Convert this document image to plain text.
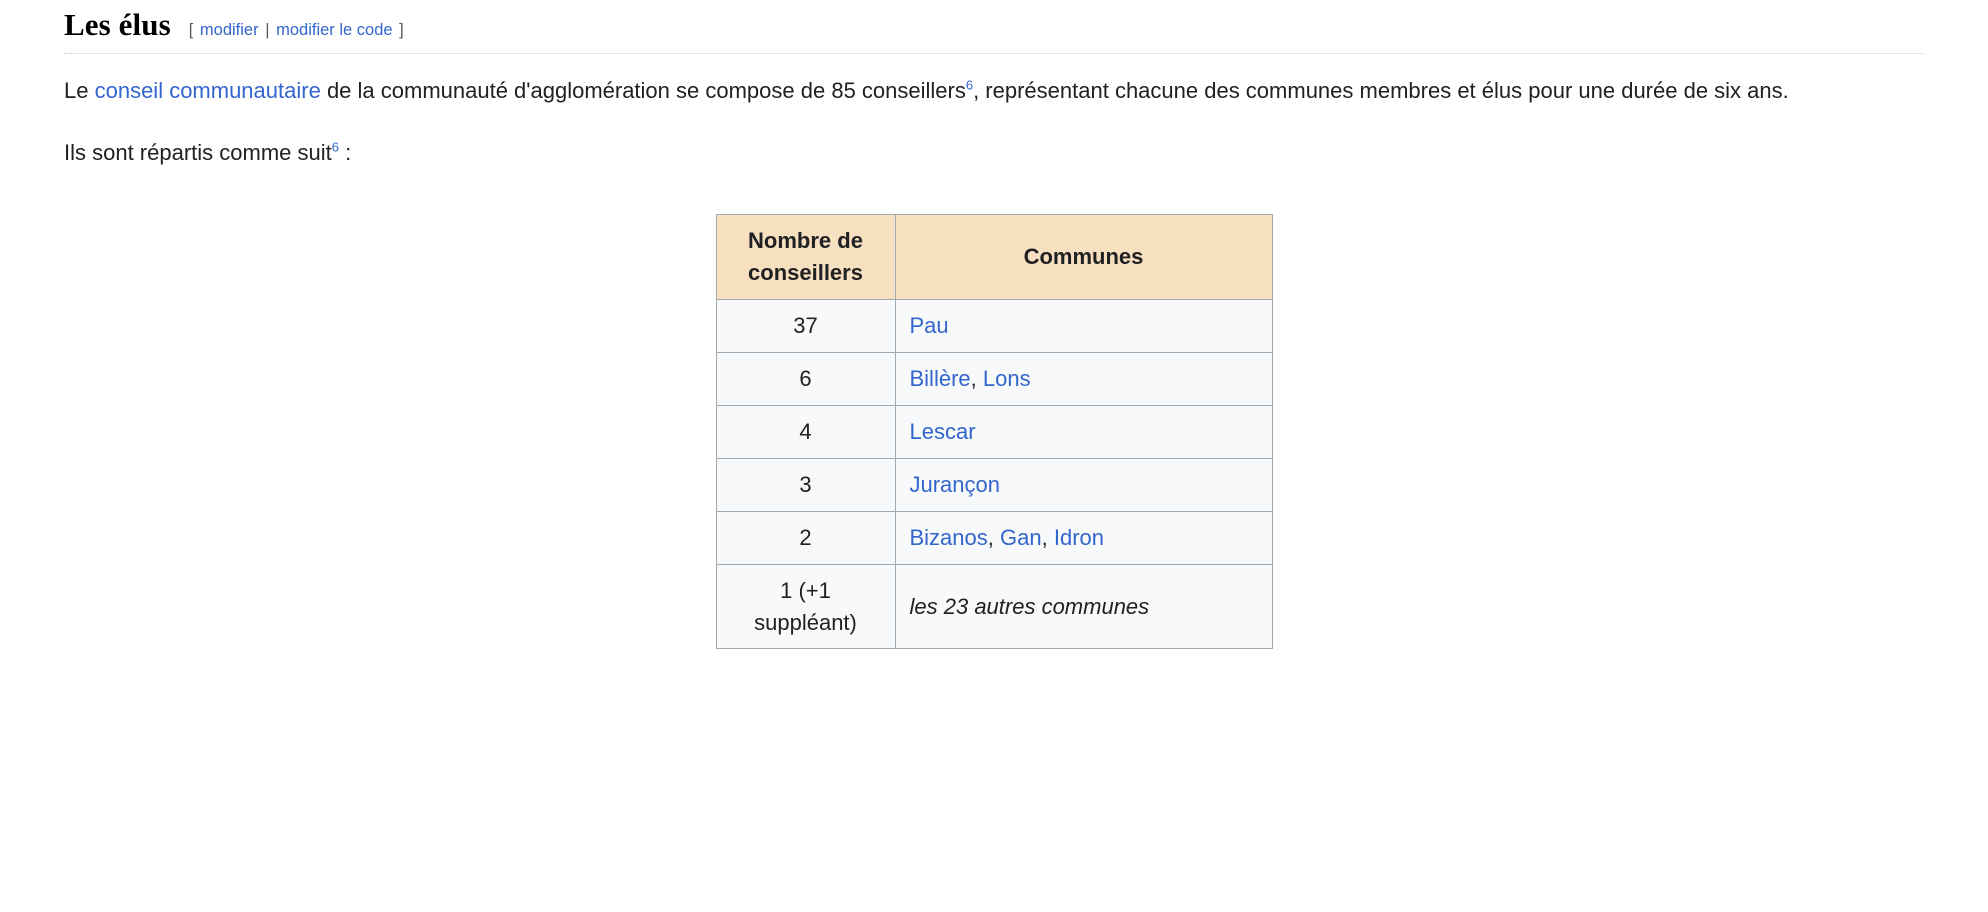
Les élus [ modifier | modifier le code ]

Le conseil communautaire de la communauté d'agglomération se compose de 85 conseillers$^6$, représentant chacune des communes membres et élus pour une durée de six ans.

Ils sont répartis comme suit$^6$ :

Nombre de conseillers	Communes
37	Pau
6	Billère, Lons
4	Lescar
3	Jurançon
2	Bizanos, Gan, Idron
1 (+1 suppléant)	les 23 autres communes
